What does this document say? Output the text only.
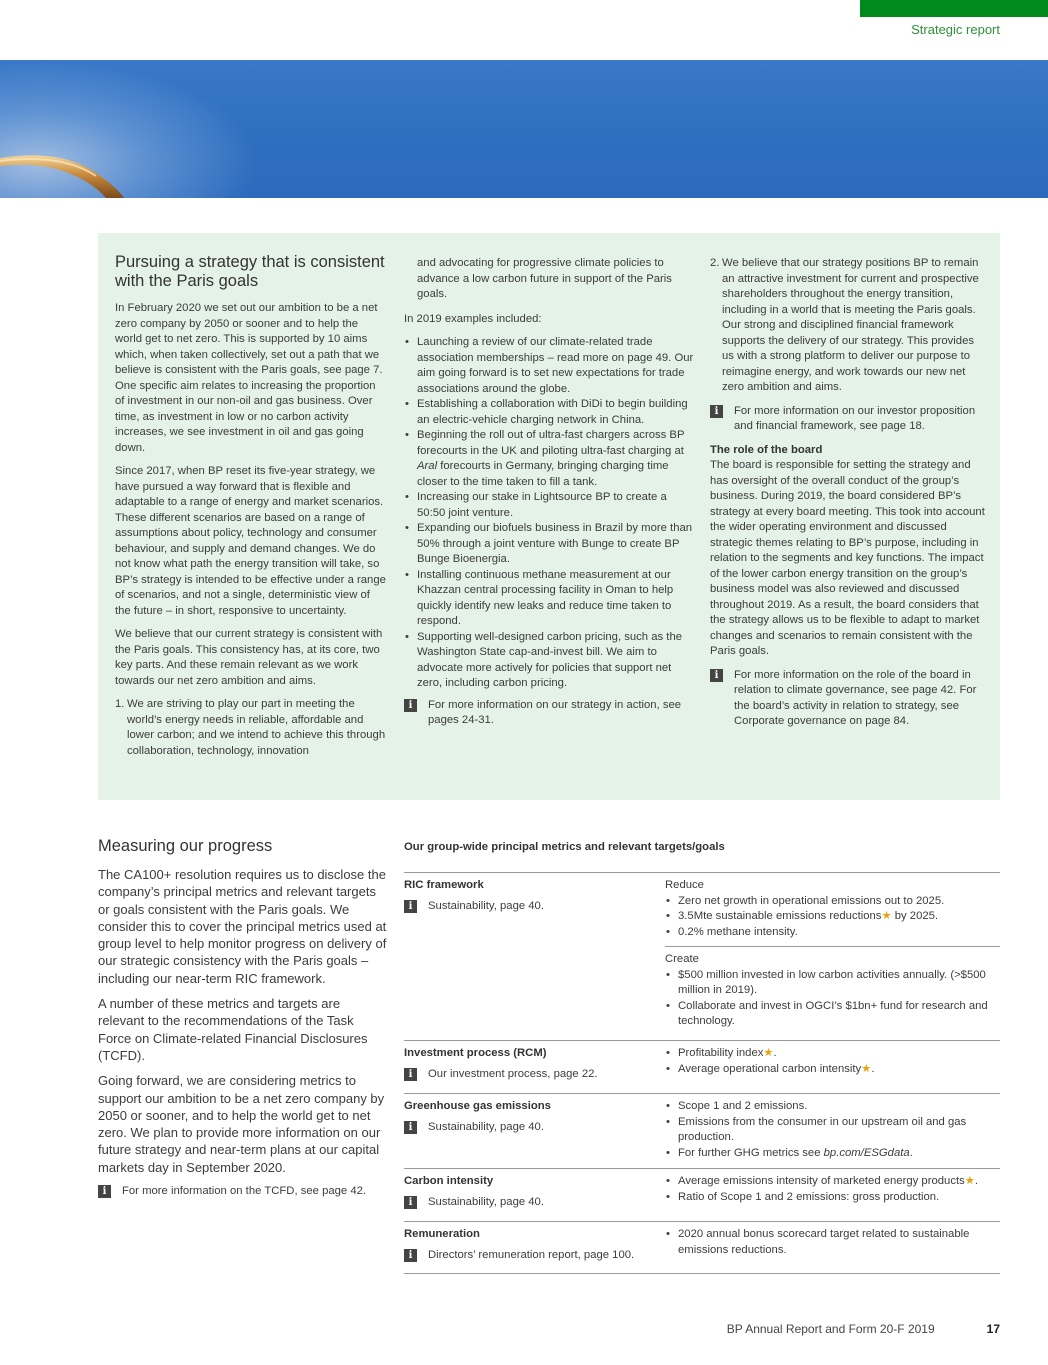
Strategic report
Pursuing a strategy that is consistent with the Paris goals

In February 2020 we set out our ambition to be a net zero company by 2050 or sooner and to help the world get to net zero. This is supported by 10 aims which, when taken collectively, set out a path that we believe is consistent with the Paris goals, see page 7. One specific aim relates to increasing the proportion of investment in our non-oil and gas business. Over time, as investment in low or no carbon activity increases, we see investment in oil and gas going down.

Since 2017, when BP reset its five-year strategy, we have pursued a way forward that is flexible and adaptable to a range of energy and market scenarios. These different scenarios are based on a range of assumptions about policy, technology and consumer behaviour, and supply and demand changes. We do not know what path the energy transition will take, so BP’s strategy is intended to be effective under a range of scenarios, and not a single, deterministic view of the future – in short, responsive to uncertainty.

We believe that our current strategy is consistent with the Paris goals. This consistency has, at its core, two key parts. And these remain relevant as we work towards our net zero ambition and aims.

1. We are striving to play our part in meeting the world’s energy needs in reliable, affordable and lower carbon; and we intend to achieve this through collaboration, technology, innovation
and advocating for progressive climate policies to advance a low carbon future in support of the Paris goals.

In 2019 examples included:

• Launching a review of our climate-related trade association memberships – read more on page 49. Our aim going forward is to set new expectations for trade associations around the globe.
• Establishing a collaboration with DiDi to begin building an electric-vehicle charging network in China.
• Beginning the roll out of ultra-fast chargers across BP forecourts in the UK and piloting ultra-fast charging at Aral forecourts in Germany, bringing charging time closer to the time taken to fill a tank.
• Increasing our stake in Lightsource BP to create a 50:50 joint venture.
• Expanding our biofuels business in Brazil by more than 50% through a joint venture with Bunge to create BP Bunge Bioenergia.
• Installing continuous methane measurement at our Khazzan central processing facility in Oman to help quickly identify new leaks and reduce time taken to respond.
• Supporting well-designed carbon pricing, such as the Washington State cap-and-invest bill. We aim to advocate more actively for policies that support net zero, including carbon pricing.
i	For more information on our strategy in action, see pages 24-31.
2. We believe that our strategy positions BP to remain an attractive investment for current and prospective shareholders throughout the energy transition, including in a world that is meeting the Paris goals. Our strong and disciplined financial framework supports the delivery of our strategy. This provides us with a strong platform to deliver our purpose to reimagine energy, and work towards our new net zero ambition and aims.
i	For more information on our investor proposition and financial framework, see page 18.
The role of the board

The board is responsible for setting the strategy and has oversight of the overall conduct of the group’s business. During 2019, the board considered BP’s strategy at every board meeting. This took into account the wider operating environment and discussed strategic themes relating to BP’s purpose, including in relation to the segments and key functions. The impact of the lower carbon energy transition on the group’s business model was also reviewed and discussed throughout 2019. As a result, the board considers that the strategy allows us to be flexible to adapt to market changes and scenarios to remain consistent with the Paris goals.

i	For more information on the role of the board in relation to climate governance, see page 42. For the board’s activity in relation to strategy, see Corporate governance on page 84.
Measuring our progress

The CA100+ resolution requires us to disclose the company’s principal metrics and relevant targets or goals consistent with the Paris goals. We consider this to cover the principal metrics used at group level to help monitor progress on delivery of our strategic consistency with the Paris goals – including our near-term RIC framework.

A number of these metrics and targets are relevant to the recommendations of the Task Force on Climate-related Financial Disclosures (TCFD).

Going forward, we are considering metrics to support our ambition to be a net zero company by 2050 or sooner, and to help the world get to net zero. We plan to provide more information on our future strategy and near-term plans at our capital markets day in September 2020.

i	For more information on the TCFD, see page 42.
Our group-wide principal metrics and relevant targets/goals
RIC framework
i	Sustainability, page 40.
Reduce
• Zero net growth in operational emissions out to 2025.
• 3.5Mte sustainable emissions reductions★ by 2025.
• 0.2% methane intensity.
Create
• $500 million invested in low carbon activities annually. (>$500 million in 2019).
• Collaborate and invest in OGCI’s $1bn+ fund for research and technology.
Investment process (RCM)
i	Our investment process, page 22.
• Profitability index★.
• Average operational carbon intensity★.
Greenhouse gas emissions
i	Sustainability, page 40.
• Scope 1 and 2 emissions.
• Emissions from the consumer in our upstream oil and gas production.
• For further GHG metrics see bp.com/ESGdata.
Carbon intensity
i	Sustainability, page 40.
• Average emissions intensity of marketed energy products★.
• Ratio of Scope 1 and 2 emissions: gross production.
Remuneration
i	Directors’ remuneration report, page 100.
• 2020 annual bonus scorecard target related to sustainable emissions reductions.
BP Annual Report and Form 20-F 2019	17
